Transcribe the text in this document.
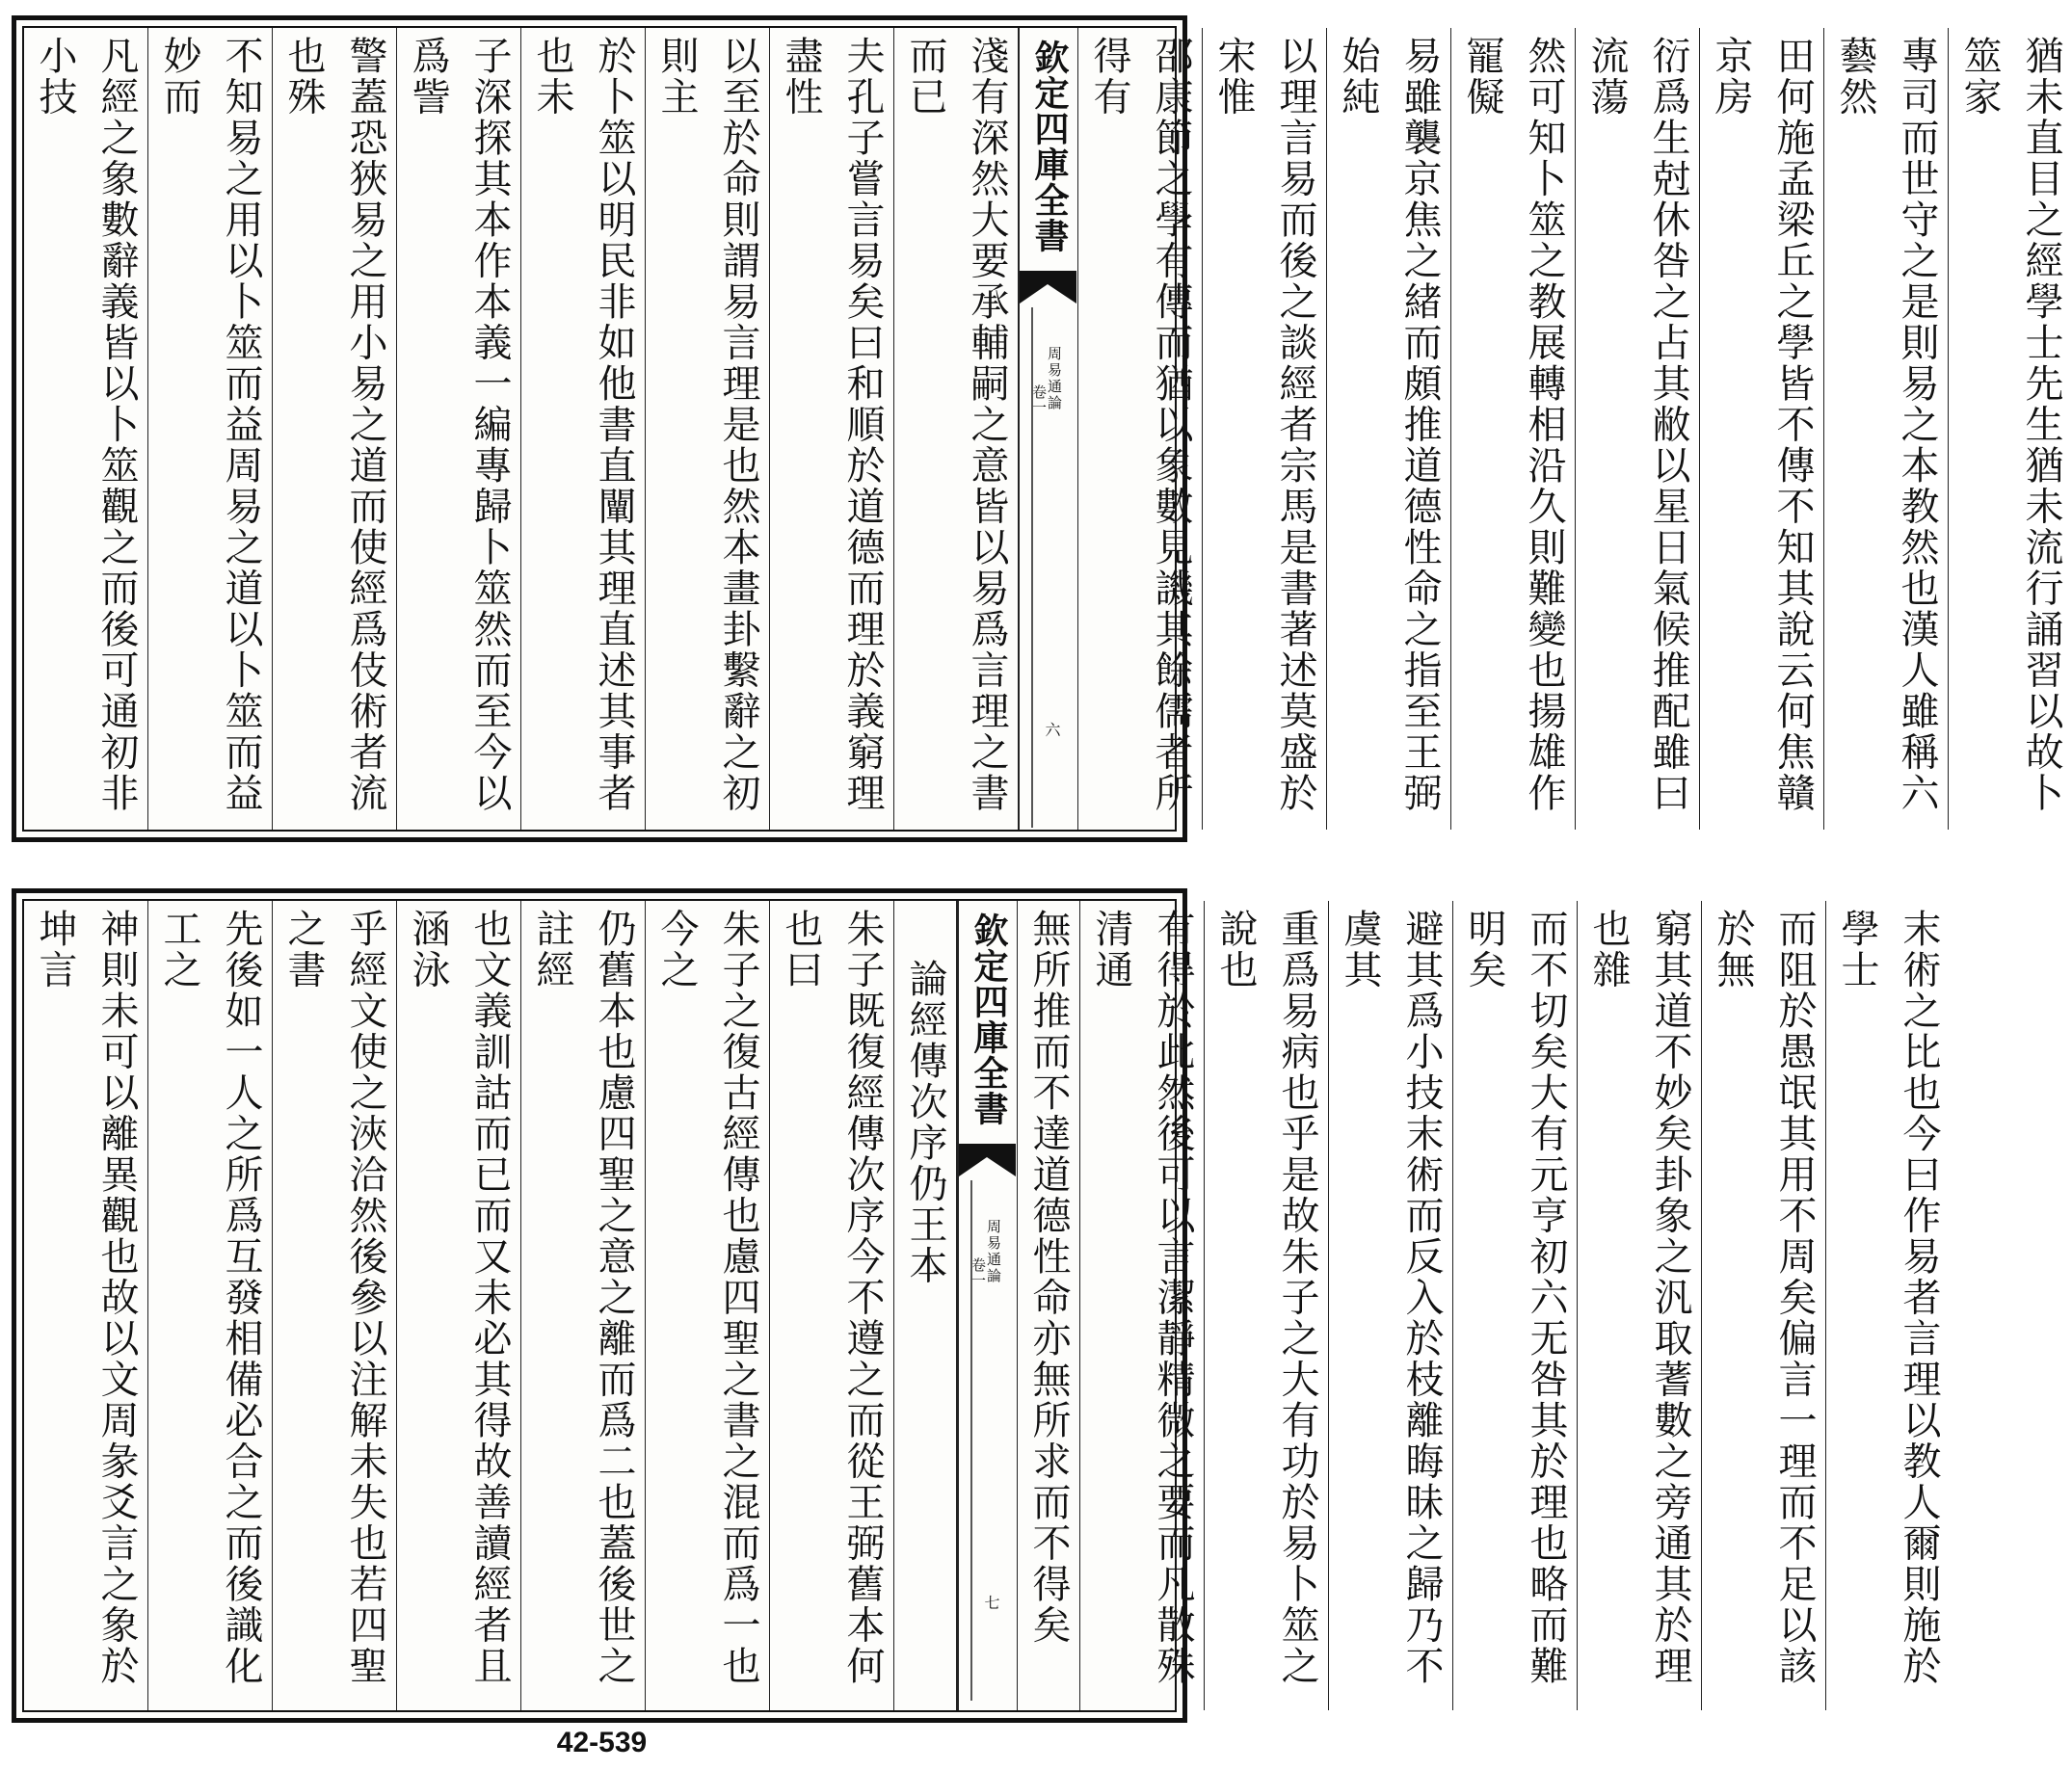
凡經之象數辭義皆以卜筮觀之而後可通初非小技	不知易之用以卜筮而益周易之道以卜筮而益妙而	警蓋恐狹易之用小易之道而使經爲伎術者流也殊	子深探其本作本義一編專歸卜筮然而至今以爲訾	於卜筮以明民非如他書直闡其理直述其事者也未	以至於命則謂易言理是也然本畫卦繫辭之初則主	夫孔子嘗言易矣曰和順於道德而理於義窮理盡性	淺有深然大要承輔嗣之意皆以易爲言理之書而已	欽定四庫全書
周易通論
卷一
六	邵康節之學有傳而猶以象數見譏其餘儒者所得有	以理言易而後之談經者宗馬是書著述莫盛於宋惟	易雖襲京焦之緒而頗推道德性命之指至王弼始純	然可知卜筮之教展轉相沿久則難變也揚雄作𠖥儗	衍爲生尅休咎之占其敝以星日氣候推配雖曰流蕩	田何施孟梁丘之學皆不傳不知其說云何焦贛京房	專司而世守之是則易之本教然也漢人雖稱六藝然	猶未直目之經學士先生猶未流行誦習以故卜筮家
神則未可以離異觀也故以文周彖爻言之象於坤言	先後如一人之所爲互發相備必合之而後識化工之	乎經文使之浹洽然後參以注解未失也若四聖之書	也文義訓詁而已而又未必其得故善讀經者且涵泳	仍舊本也慮四聖之意之離而爲二也蓋後世之註經	朱子之復古經傳也慮四聖之書之混而爲一也今之	朱子既復經傳次序今不遵之而從王弼舊本何也曰
論經傳次序仍王本 欽定四庫全書
周易通論
卷一
七 無所推而不達道德性命亦無所求而不得矣	有得於此然後可以言潔靜精微之要而凡散殊清通	重爲易病也乎是故朱子之大有功於易卜筮之說也	避其爲小技末術而反入於枝離晦昧之歸乃不虞其	而不切矣大有元亨初六无咎其於理也略而難明矣	窮其道不妙矣卦象之汎取蓍數之旁通其於理也雜	而阻於愚氓其用不周矣偏言一理而不足以該於無	末術之比也今曰作易者言理以教人爾則施於學士
42-539
